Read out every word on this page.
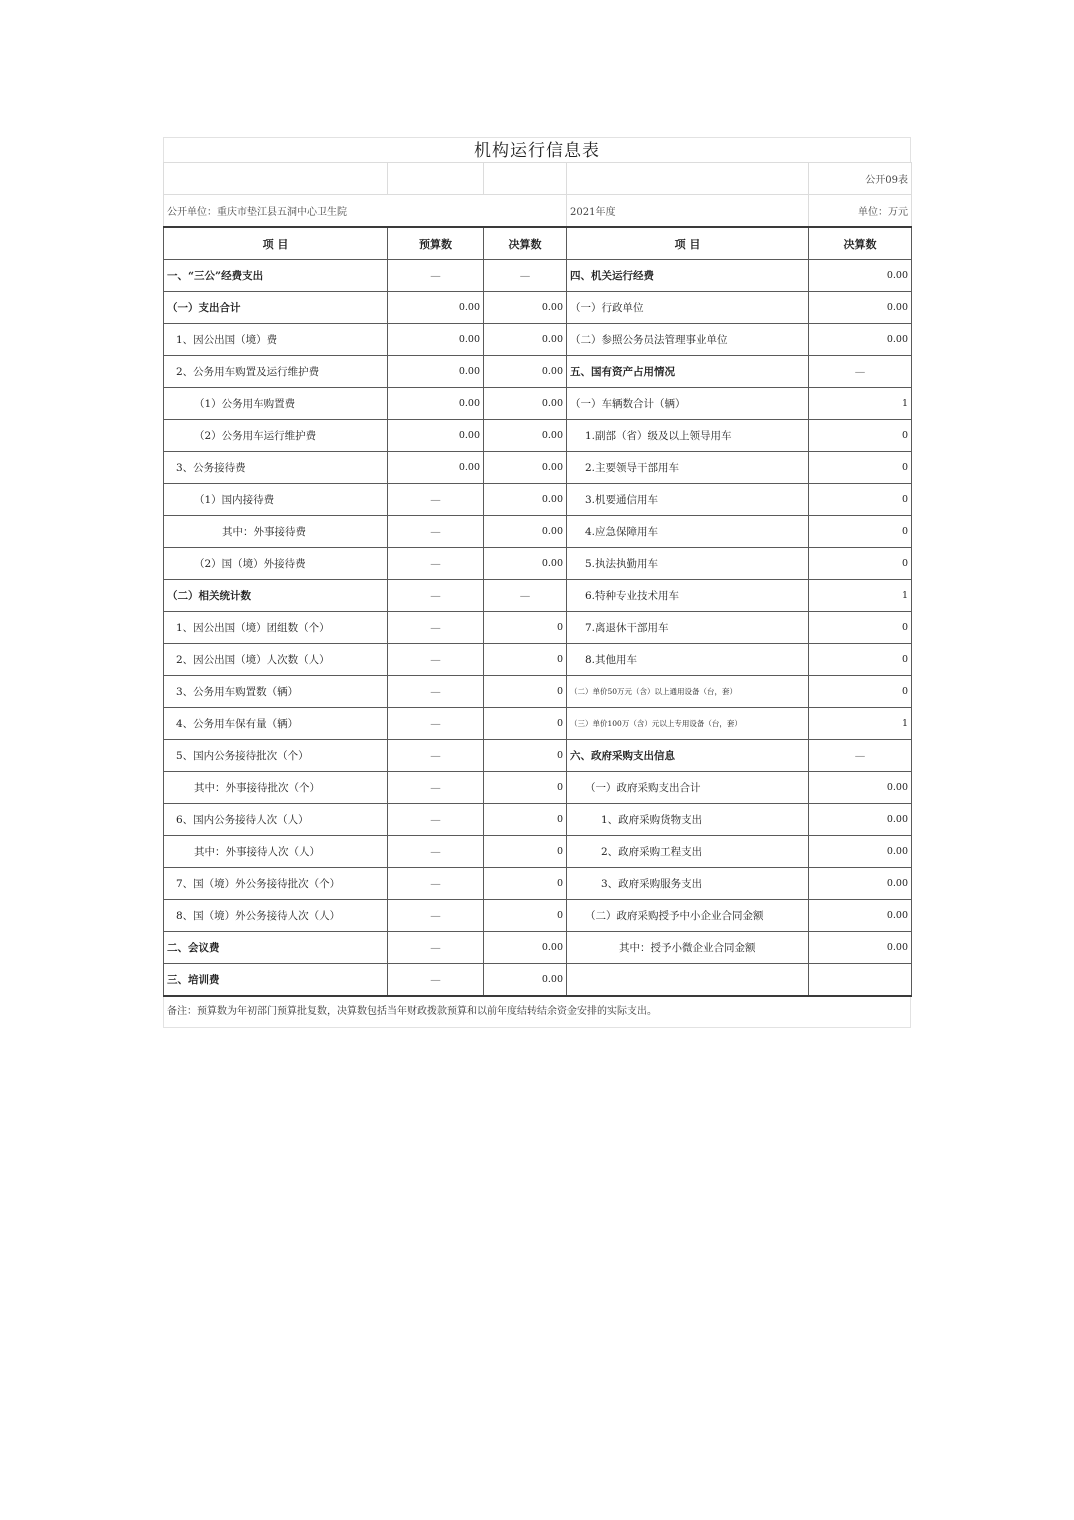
机构运行信息表
				公开09表
公开单位：重庆市垫江县五洞中心卫生院			2021年度	单位：万元
项 目	预算数	决算数	项 目	决算数
一、“三公”经费支出	—	—	四、机关运行经费	0.00
（一）支出合计	0.00	0.00	（一）行政单位	0.00
1、因公出国（境）费	0.00	0.00	（二）参照公务员法管理事业单位	0.00
2、公务用车购置及运行维护费	0.00	0.00	五、国有资产占用情况	—
（1）公务用车购置费	0.00	0.00	（一）车辆数合计（辆）	1
（2）公务用车运行维护费	0.00	0.00	1.副部（省）级及以上领导用车	0
3、公务接待费	0.00	0.00	2.主要领导干部用车	0
（1）国内接待费	—	0.00	3.机要通信用车	0
其中：外事接待费	—	0.00	4.应急保障用车	0
（2）国（境）外接待费	—	0.00	5.执法执勤用车	0
（二）相关统计数	—	—	6.特种专业技术用车	1
1、因公出国（境）团组数（个）	—	0	7.离退休干部用车	0
2、因公出国（境）人次数（人）	—	0	8.其他用车	0
3、公务用车购置数（辆）	—	0	（二）单价50万元（含）以上通用设备（台，套）	0
4、公务用车保有量（辆）	—	0	（三）单价100万（含）元以上专用设备（台，套）	1
5、国内公务接待批次（个）	—	0	六、政府采购支出信息	—
其中：外事接待批次（个）	—	0	（一）政府采购支出合计	0.00
6、国内公务接待人次（人）	—	0	1、政府采购货物支出	0.00
其中：外事接待人次（人）	—	0	2、政府采购工程支出	0.00
7、国（境）外公务接待批次（个）	—	0	3、政府采购服务支出	0.00
8、国（境）外公务接待人次（人）	—	0	（二）政府采购授予中小企业合同金额	0.00
二、会议费	—	0.00	其中：授予小微企业合同金额	0.00
三、培训费	—	0.00		
备注：预算数为年初部门预算批复数，决算数包括当年财政拨款预算和以前年度结转结余资金安排的实际支出。
